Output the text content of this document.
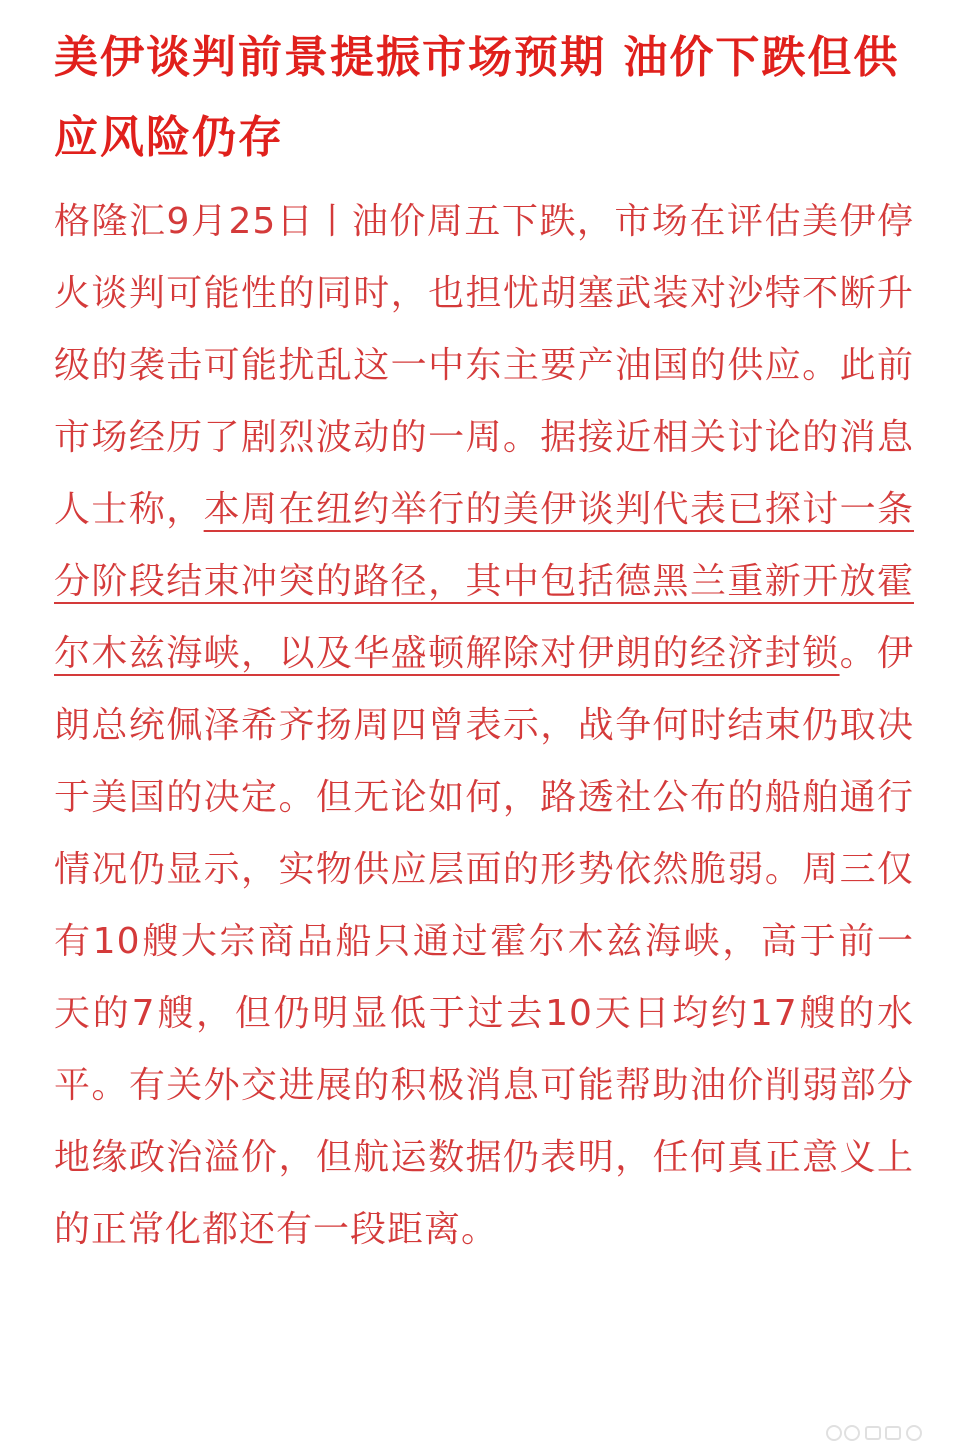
美伊谈判前景提振市场预期 油价下跌但供应风险仍存

格隆汇9月25日丨油价周五下跌，市场在评估美伊停火谈判可能性的同时，也担忧胡塞武装对沙特不断升级的袭击可能扰乱这一中东主要产油国的供应。此前市场经历了剧烈波动的一周。据接近相关讨论的消息人士称，本周在纽约举行的美伊谈判代表已探讨一条分阶段结束冲突的路径，其中包括德黑兰重新开放霍尔木兹海峡，以及华盛顿解除对伊朗的经济封锁。伊朗总统佩泽希齐扬周四曾表示，战争何时结束仍取决于美国的决定。但无论如何，路透社公布的船舶通行情况仍显示，实物供应层面的形势依然脆弱。周三仅有10艘大宗商品船只通过霍尔木兹海峡，高于前一天的7艘，但仍明显低于过去10天日均约17艘的水平。有关外交进展的积极消息可能帮助油价削弱部分地缘政治溢价，但航运数据仍表明，任何真正意义上的正常化都还有一段距离。
